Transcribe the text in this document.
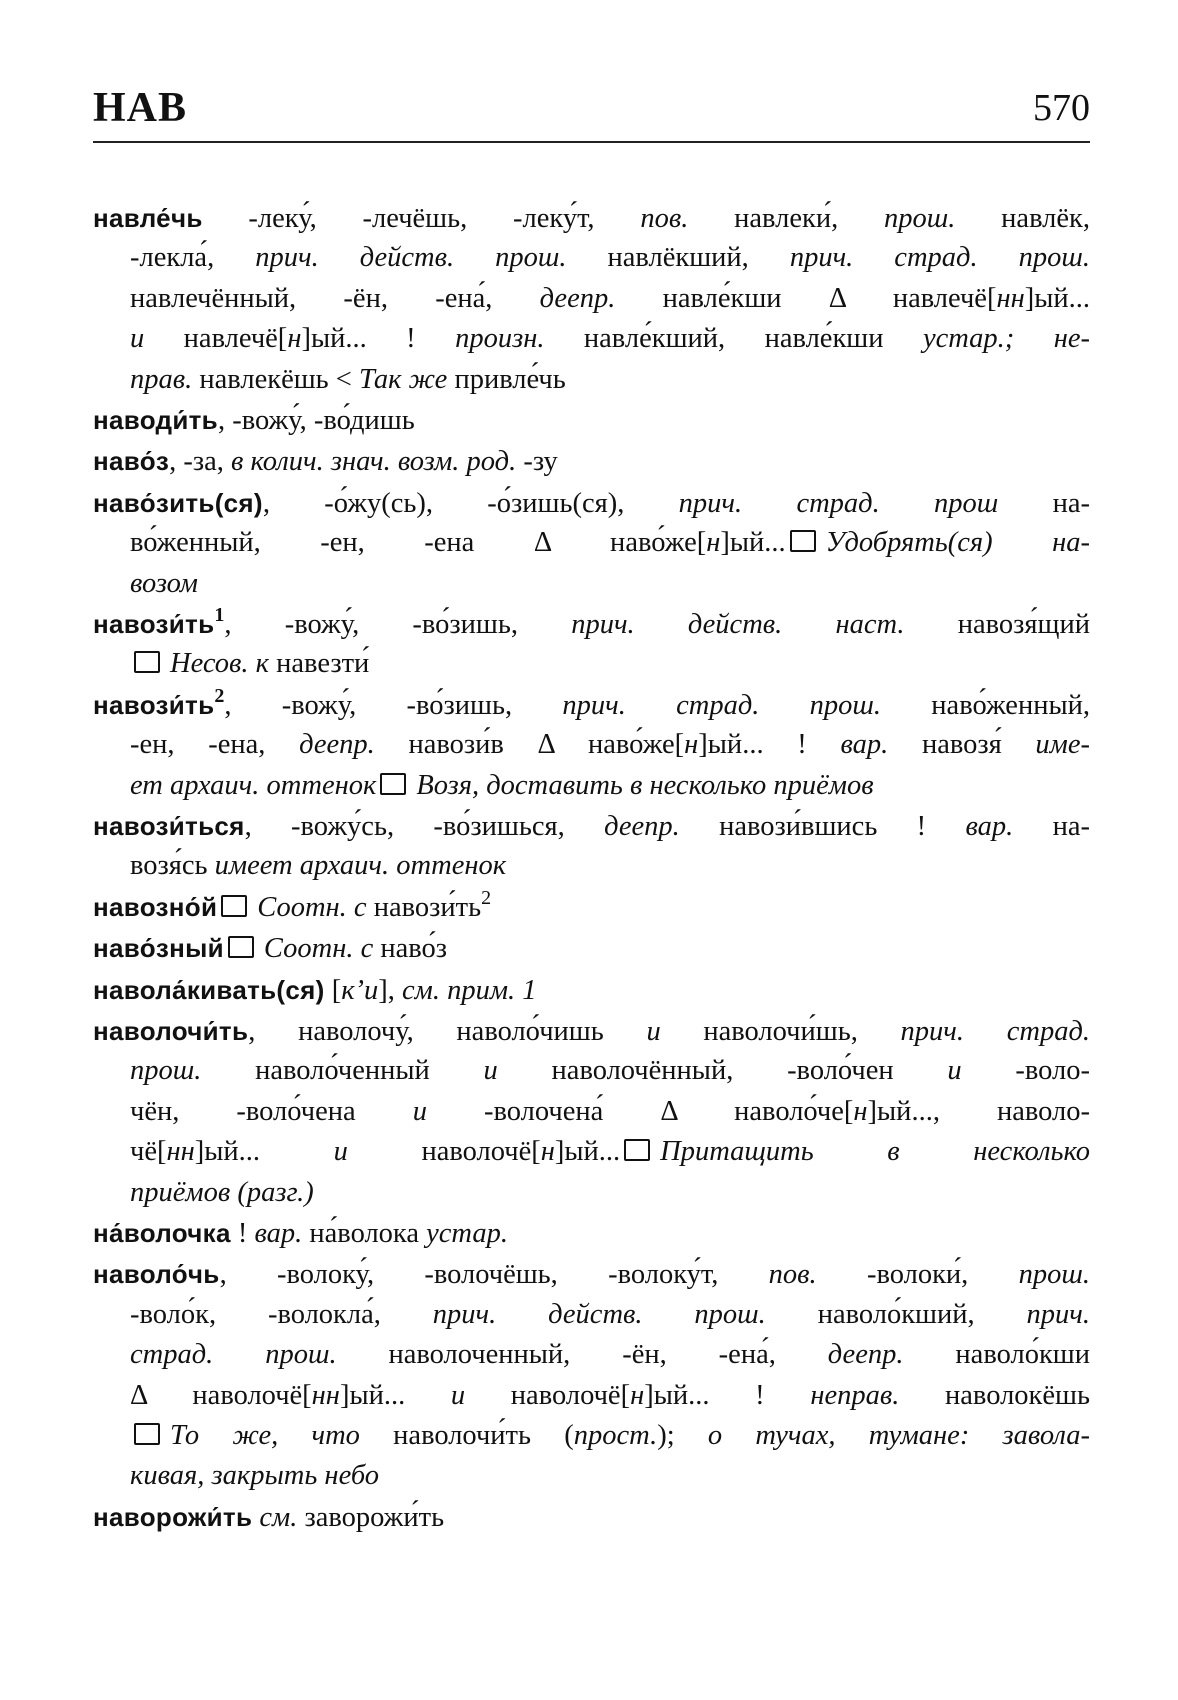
НАВ	570
навле́чь -леку́, -лечёшь, -леку́т, пов. навлеки́, прош. навлёк,
-лекла́, прич. действ. прош. навлёкший, прич. страд. прош.
навлечённый, -ён, -ена́, деепр. навле́кши Δ навлечё[нн]ый...
и навлечё[н]ый... ! произн. навле́кший, навле́кши устар.; не-
прав. навлекёшь < Так же привле́чь
наводи́ть, -вожу́, -во́дишь
наво́з, -за, в колич. знач. возм. род. -зу
наво́зить(ся), -о́жу(сь), -о́зишь(ся), прич. страд. прош на-
во́женный, -ен, -ена Δ наво́же[н]ый... Удобрять(ся) на-
возом
$навози́ть^1$, -вожу́, -во́зишь, прич. действ. наст. навозя́щий
Несов. к навезти́
$навози́ть^2$, -вожу́, -во́зишь, прич. страд. прош. наво́женный,
-ен, -ена, деепр. навози́в Δ наво́же[н]ый... ! вар. навозя́ име-
ет архаич. оттенок Возя, доставить в несколько приёмов
навози́ться, -вожу́сь, -во́зишься, деепр. навози́вшись ! вар. на-
возя́сь имеет архаич. оттенок
навозно́й Соотн. с $навози́ть^2$
наво́зный Соотн. с наво́з
навола́кивать(ся) [к’и], см. прим. 1
наволочи́ть, наволочу́, наволо́чишь и наволочи́шь, прич. страд.
прош. наволо́ченный и наволочённый, -воло́чен и -воло-
чён, -воло́чена и -волочена́ Δ наволо́че[н]ый..., наволо-
чё[нн]ый... и наволочё[н]ый... Притащить в несколько
приёмов (разг.)
на́волочка ! вар. на́волока устар.
наволо́чь, -волоку́, -волочёшь, -волоку́т, пов. -волоки́, прош.
-воло́к, -волокла́, прич. действ. прош. наволо́кший, прич.
страд. прош. наволоченный, -ён, -ена́, деепр. наволо́кши
Δ наволочё[нн]ый... и наволочё[н]ый... ! неправ. наволокёшь
То же, что наволочи́ть (прост.); о тучах, тумане: завола-
кивая, закрыть небо
наворожи́ть см. заворожи́ть
